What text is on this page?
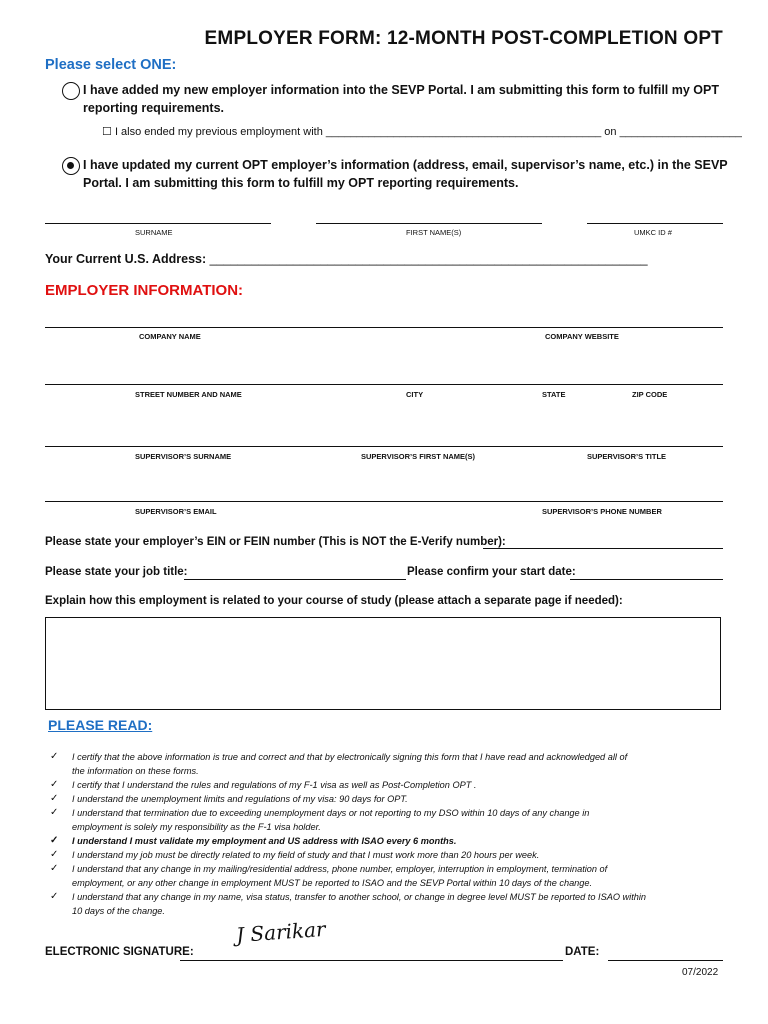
EMPLOYER FORM: 12-MONTH POST-COMPLETION OPT
Please select ONE:
I have added my new employer information into the SEVP Portal. I am submitting this form to fulfill my OPT
reporting requirements.
☐ I also ended my previous employment with _____________________________________________ on ____________________
I have updated my current OPT employer’s information (address, email, supervisor’s name, etc.) in the SEVP
Portal. I am submitting this form to fulfill my OPT reporting requirements.
SURNAME	FIRST NAME(S)	UMKC ID #
Your Current U.S. Address: _______________________________________________________________
EMPLOYER INFORMATION:
COMPANY NAME	COMPANY WEBSITE
STREET NUMBER AND NAME	CITY	STATE	ZIP CODE
SUPERVISOR’S SURNAME	SUPERVISOR’S FIRST NAME(S)	SUPERVISOR’S TITLE
SUPERVISOR’S EMAIL	SUPERVISOR’S PHONE NUMBER
Please state your employer’s EIN or FEIN number (This is NOT the E-Verify number):
Please state your job title:	Please confirm your start date:
Explain how this employment is related to your course of study (please attach a separate page if needed):
PLEASE READ:
✓ I certify that the above information is true and correct and that by electronically signing this form that I have read and acknowledged all of
the information on these forms.
✓ I certify that I understand the rules and regulations of my F-1 visa as well as Post-Completion OPT .
✓ I understand the unemployment limits and regulations of my visa: 90 days for OPT.
✓ I understand that termination due to exceeding unemployment days or not reporting to my DSO within 10 days of any change in
employment is solely my responsibility as the F-1 visa holder.
✓ I understand I must validate my employment and US address with ISAO every 6 months.
✓ I understand my job must be directly related to my field of study and that I must work more than 20 hours per week.
✓ I understand that any change in my mailing/residential address, phone number, employer, interruption in employment, termination of
employment, or any other change in employment MUST be reported to ISAO and the SEVP Portal within 10 days of the change.
✓ I understand that any change in my name, visa status, transfer to another school, or change in degree level MUST be reported to ISAO within
10 days of the change.
ELECTRONIC SIGNATURE:
J Sarikar
DATE:
07/2022
